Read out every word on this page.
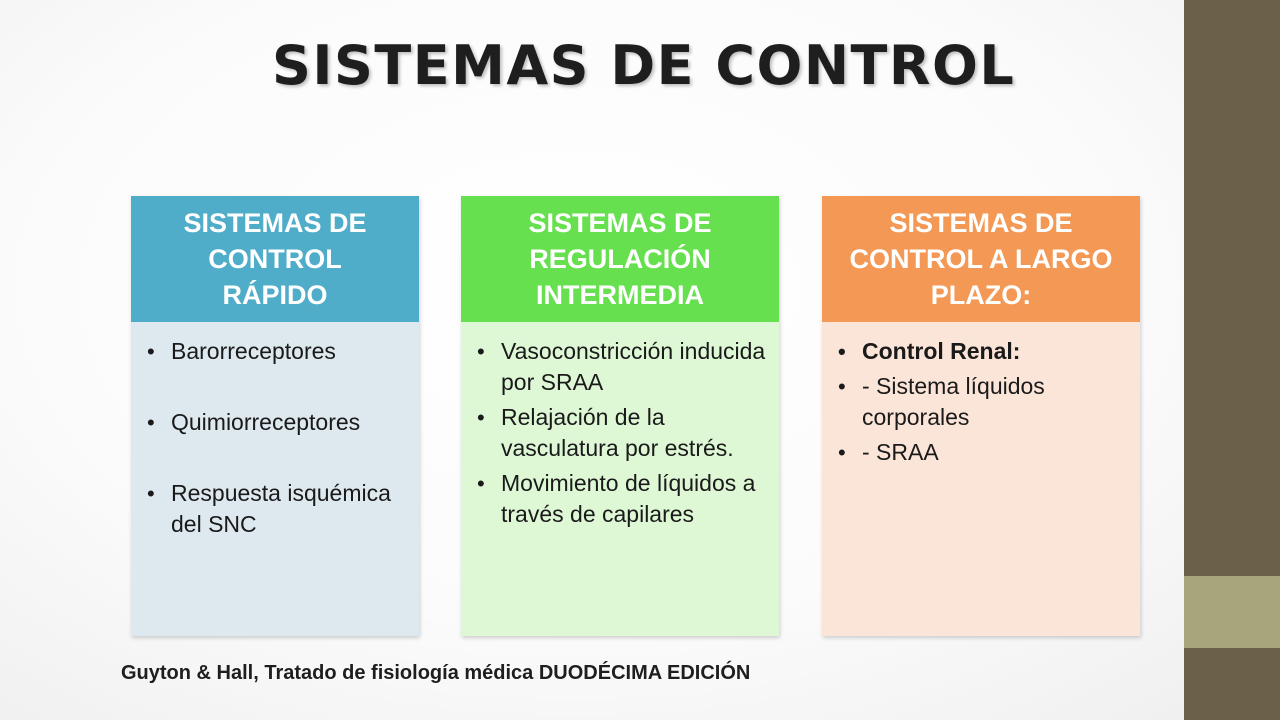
SISTEMAS DE CONTROL
SISTEMAS DE
CONTROL
RÁPIDO
• Barorreceptores
• Quimiorreceptores
• Respuesta isquémica del SNC
SISTEMAS DE
REGULACIÓN
INTERMEDIA
• Vasoconstricción inducida por SRAA
• Relajación de la vasculatura por estrés.
• Movimiento de líquidos a través de capilares
SISTEMAS DE
CONTROL A LARGO
PLAZO:
• Control Renal:
• - Sistema líquidos corporales
• - SRAA
Guyton & Hall, Tratado de fisiología médica DUODÉCIMA EDICIÓN
